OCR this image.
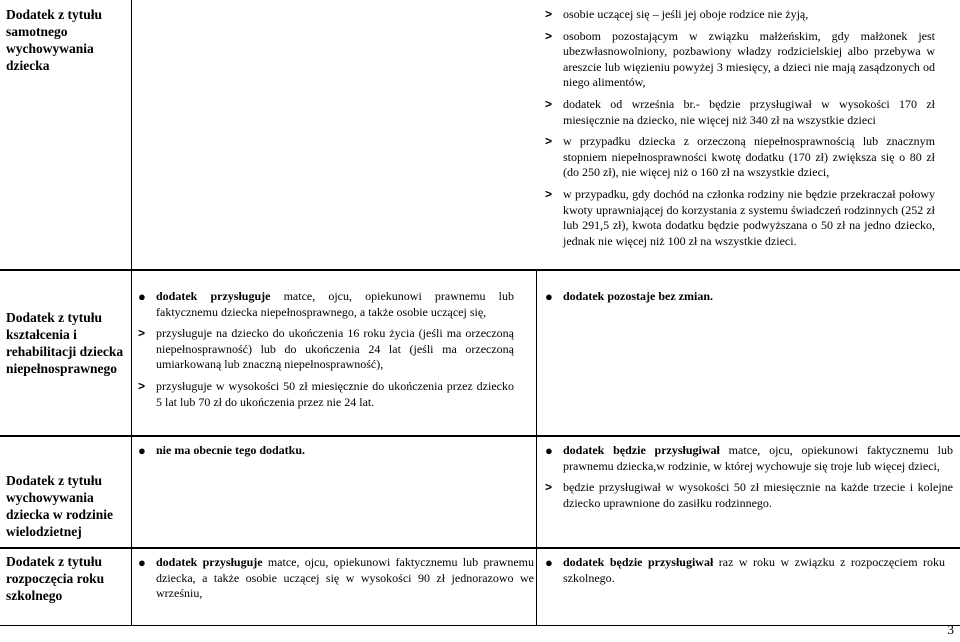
Dodatek z tytułu samotnego wychowywania dziecka
> osobie uczącej się – jeśli jej oboje rodzice nie żyją,
> osobom pozostającym w związku małżeńskim, gdy małżonek jest ubezwłasnowolniony, pozbawiony władzy rodzicielskiej albo przebywa w areszcie lub więzieniu powyżej 3 miesięcy, a dzieci nie mają zasądzonych od niego alimentów,
> dodatek od września br.- będzie przysługiwał w wysokości 170 zł miesięcznie na dziecko, nie więcej niż 340 zł na wszystkie dzieci
> w przypadku dziecka z orzeczoną niepełnosprawnością lub znacznym stopniem niepełnosprawności kwotę dodatku (170 zł) zwiększa się o 80 zł (do 250 zł), nie więcej niż o 160 zł na wszystkie dzieci,
> w przypadku, gdy dochód na członka rodziny nie będzie przekraczał połowy kwoty uprawniającej do korzystania z systemu świadczeń rodzinnych (252 zł lub 291,5 zł), kwota dodatku będzie podwyższana o 50 zł na jedno dziecko, jednak nie więcej niż 100 zł na wszystkie dzieci.
Dodatek z tytułu kształcenia i rehabilitacji dziecka niepełnosprawnego
● dodatek przysługuje matce, ojcu, opiekunowi prawnemu lub faktycznemu dziecka niepełnosprawnego, a także osobie uczącej się,
> przysługuje na dziecko do ukończenia 16 roku życia (jeśli ma orzeczoną niepełnosprawność) lub do ukończenia 24 lat (jeśli ma orzeczoną umiarkowaną lub znaczną niepełnosprawność),
> przysługuje w wysokości 50 zł miesięcznie do ukończenia przez dziecko 5 lat lub 70 zł do ukończenia przez nie 24 lat.
● dodatek pozostaje bez zmian.
Dodatek z tytułu wychowywania dziecka w rodzinie wielodzietnej
● nie ma obecnie tego dodatku.	● dodatek będzie przysługiwał matce, ojcu, opiekunowi faktycznemu lub prawnemu dziecka,w rodzinie, w której wychowuje się troje lub więcej dzieci,
> będzie przysługiwał w wysokości 50 zł miesięcznie na każde trzecie i kolejne dziecko uprawnione do zasiłku rodzinnego.
Dodatek z tytułu rozpoczęcia roku szkolnego
● dodatek przysługuje matce, ojcu, opiekunowi faktycznemu lub prawnemu dziecka, a także osobie uczącej się w wysokości 90 zł jednorazowo we wrześniu,
● dodatek będzie przysługiwał raz w roku w związku z rozpoczęciem roku szkolnego.
3
